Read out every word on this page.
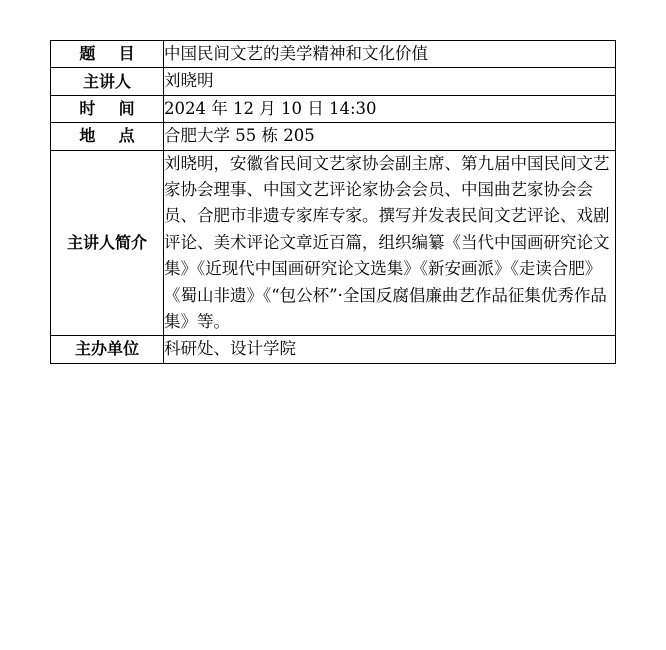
题 目	中国民间文艺的美学精神和文化价值
主讲人	刘晓明
时 间	2024 年 12 月 10 日 14:30
地 点	合肥大学 55 栋 205
主讲人简介	刘晓明，安徽省民间文艺家协会副主席、第九届中国民间文艺家协会理事、中国文艺评论家协会会员、中国曲艺家协会会员、合肥市非遗专家库专家。撰写并发表民间文艺评论、戏剧评论、美术评论文章近百篇，组织编纂《当代中国画研究论文集》《近现代中国画研究论文选集》《新安画派》《走读合肥》《蜀山非遗》《“包公杯”·全国反腐倡廉曲艺作品征集优秀作品集》等。

主办单位	科研处、设计学院
